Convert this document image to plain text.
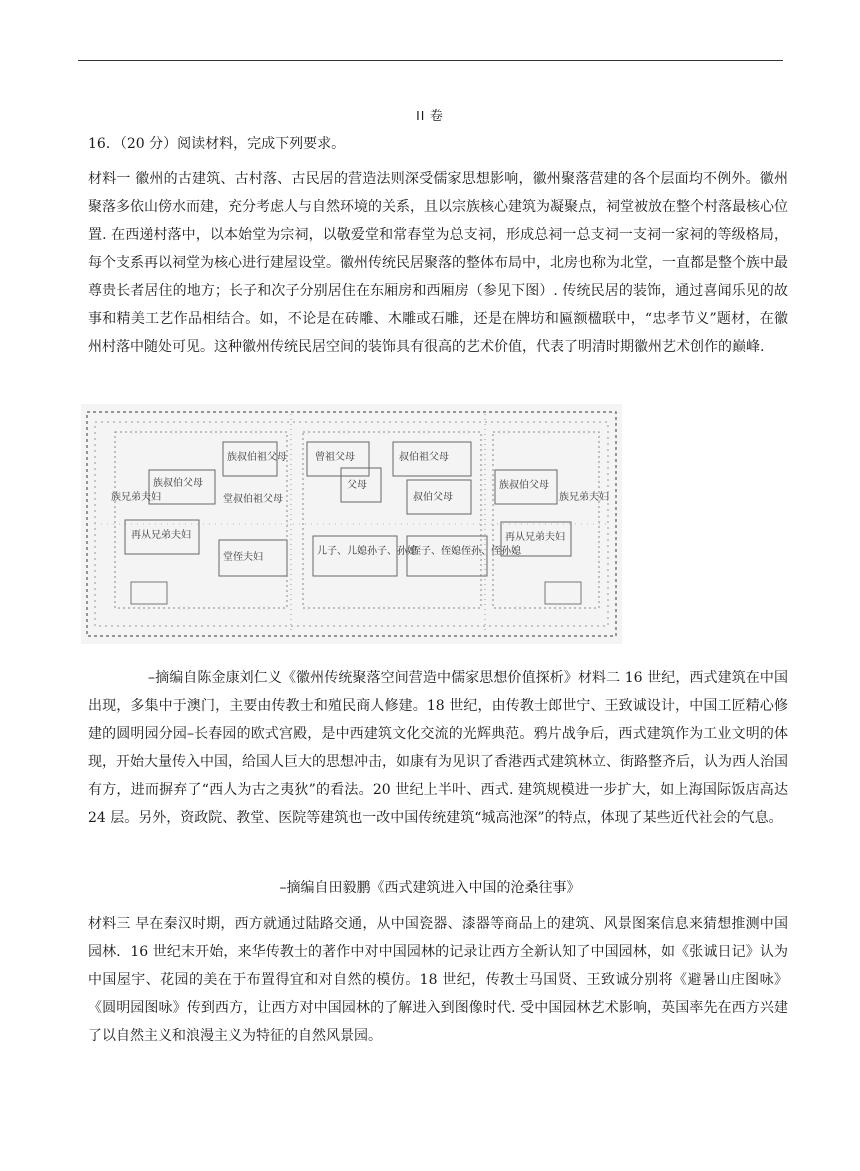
II 卷
16．（20 分）阅读材料，完成下列要求。

材料一 徽州的古建筑、古村落、古民居的营造法则深受儒家思想影响，徽州聚落营建的各个层面均不例外。徽州聚落多依山傍水而建，充分考虑人与自然环境的关系，且以宗族核心建筑为凝聚点，祠堂被放在整个村落最核心位置. 在西递村落中，以本始堂为宗祠，以敬爱堂和常春堂为总支祠，形成总祠一总支祠一支祠一家祠的等级格局，每个支系再以祠堂为核心进行建屋设堂。徽州传统民居聚落的整体布局中，北房也称为北堂，一直都是整个族中最尊贵长者居住的地方；长子和次子分别居住在东厢房和西厢房（参见下图）. 传统民居的装饰，通过喜闻乐见的故事和精美工艺作品相结合。如，不论是在砖雕、木雕或石雕，还是在牌坊和匾额楹联中，“忠孝节义”题材，在徽州村落中随处可见。这种徽州传统民居空间的装饰具有很高的艺术价值，代表了明清时期徽州艺术创作的巅峰.

族兄弟夫妇
族叔伯父母
再从兄弟夫妇
族叔伯祖父母
堂叔伯祖父母
堂侄夫妇
曾祖父母	叔伯祖父母
父母
叔伯父母
儿子、儿媳孙子、孙媳
侄子、侄媳侄孙、侄孙媳
族叔伯父母
再从兄弟夫妇
族兄弟夫妇

–摘编自陈金康刘仁义《徽州传统聚落空间营造中儒家思想价值探析》材料二 16 世纪，西式建筑在中国出现，多集中于澳门，主要由传教士和殖民商人修建。18 世纪，由传教士郎世宁、王致诚设计，中国工匠精心修建的圆明园分园–长春园的欧式宫殿，是中西建筑文化交流的光辉典范。鸦片战争后，西式建筑作为工业文明的体现，开始大量传入中国，给国人巨大的思想冲击，如康有为见识了香港西式建筑林立、街路整齐后，认为西人治国有方，进而摒弃了“西人为古之夷狄”的看法。20 世纪上半叶、西式. 建筑规模进一步扩大，如上海国际饭店高达 24 层。另外，资政院、教堂、医院等建筑也一改中国传统建筑“城高池深”的特点，体现了某些近代社会的气息。

–摘编自田毅鹏《西式建筑进入中国的沧桑往事》

材料三 早在秦汉时期，西方就通过陆路交通，从中国瓷器、漆器等商品上的建筑、风景图案信息来猜想推测中国园林．16 世纪末开始，来华传教士的著作中对中国园林的记录让西方全新认知了中国园林，如《张诚日记》认为中国屋宇、花园的美在于布置得宜和对自然的模仿。18 世纪，传教士马国贤、王致诚分别将《避暑山庄图咏》《圆明园图咏》传到西方，让西方对中国园林的了解进入到图像时代. 受中国园林艺术影响，英国率先在西方兴建了以自然主义和浪漫主义为特征的自然风景园。
